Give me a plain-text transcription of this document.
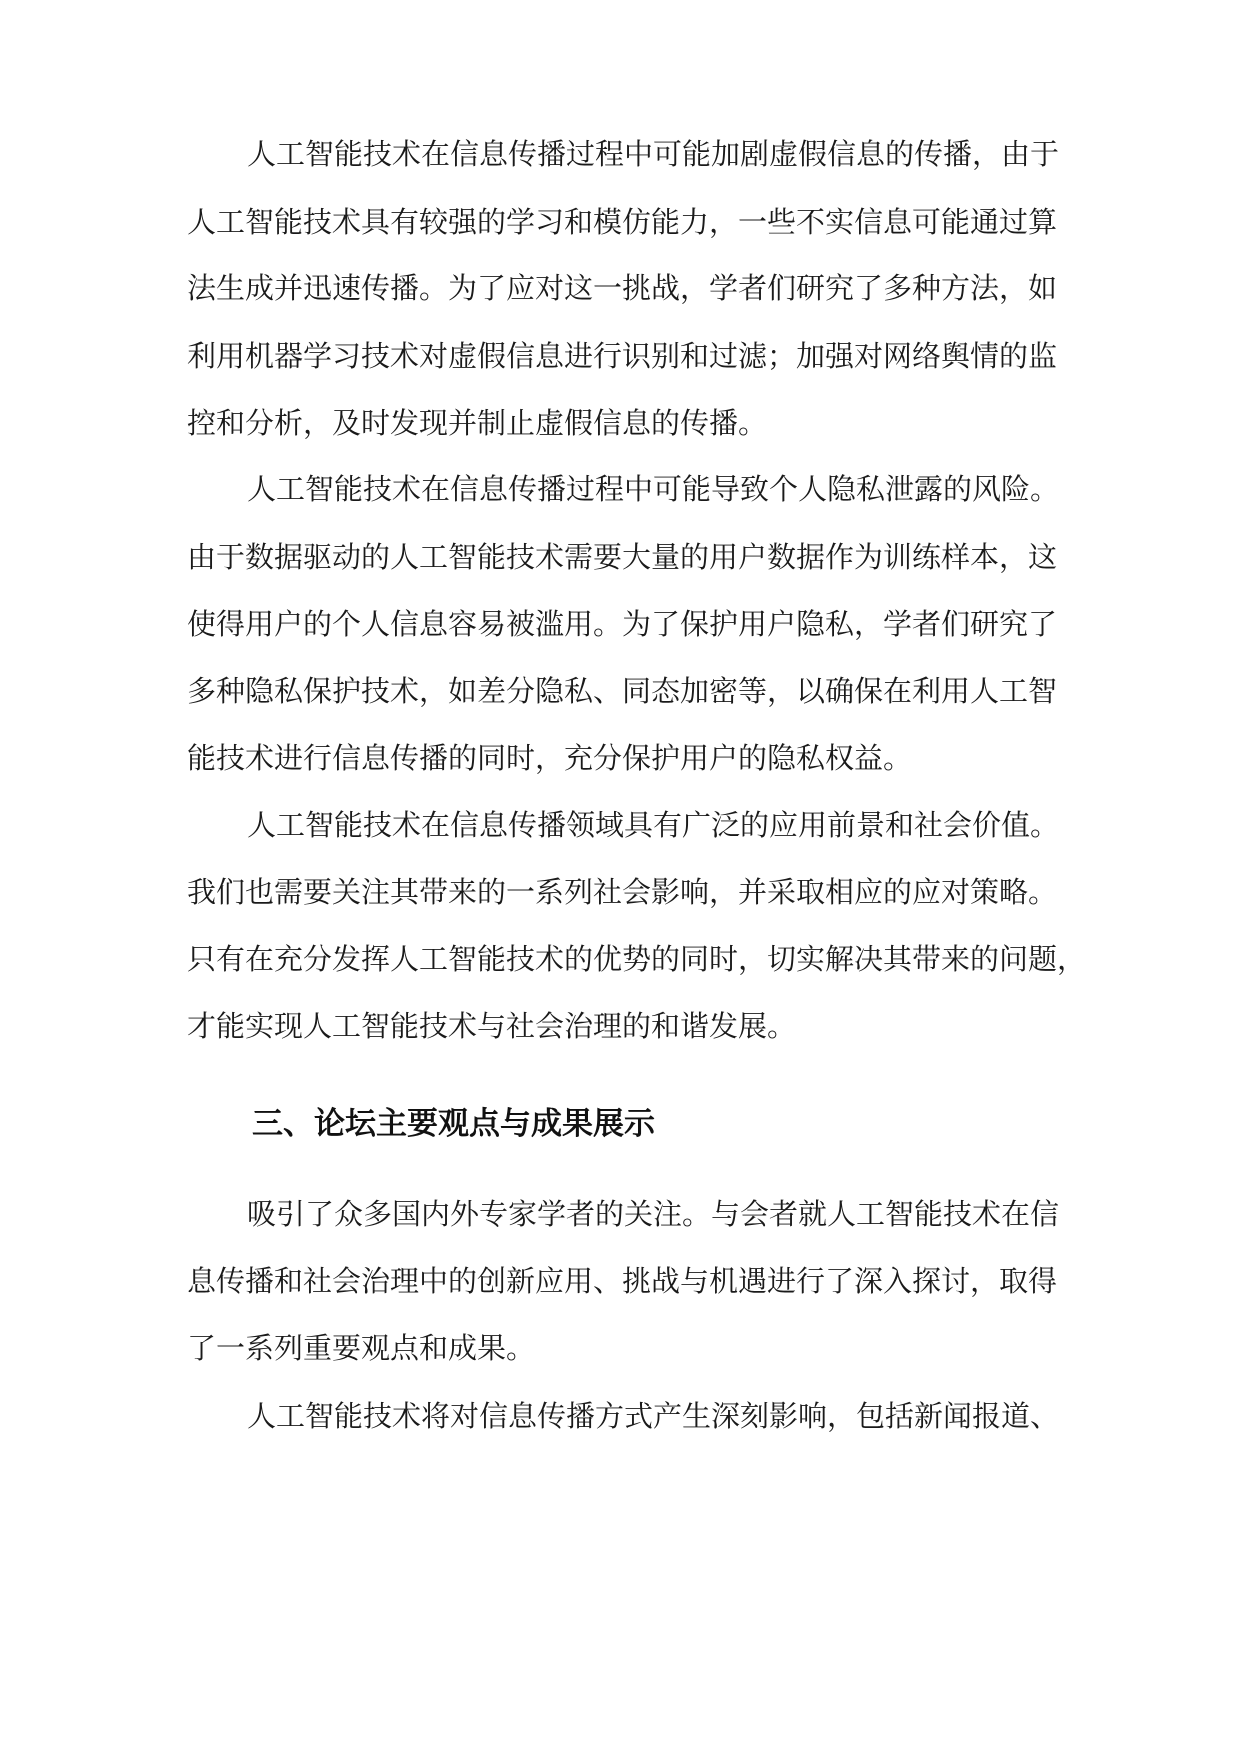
人工智能技术在信息传播过程中可能加剧虚假信息的传播，由于
人工智能技术具有较强的学习和模仿能力，一些不实信息可能通过算
法生成并迅速传播。为了应对这一挑战，学者们研究了多种方法，如
利用机器学习技术对虚假信息进行识别和过滤；加强对网络舆情的监
控和分析，及时发现并制止虚假信息的传播。
人工智能技术在信息传播过程中可能导致个人隐私泄露的风险。
由于数据驱动的人工智能技术需要大量的用户数据作为训练样本，这
使得用户的个人信息容易被滥用。为了保护用户隐私，学者们研究了
多种隐私保护技术，如差分隐私、同态加密等，以确保在利用人工智
能技术进行信息传播的同时，充分保护用户的隐私权益。
人工智能技术在信息传播领域具有广泛的应用前景和社会价值。
我们也需要关注其带来的一系列社会影响，并采取相应的应对策略。
只有在充分发挥人工智能技术的优势的同时，切实解决其带来的问题，
才能实现人工智能技术与社会治理的和谐发展。
三、论坛主要观点与成果展示
吸引了众多国内外专家学者的关注。与会者就人工智能技术在信
息传播和社会治理中的创新应用、挑战与机遇进行了深入探讨，取得
了一系列重要观点和成果。
人工智能技术将对信息传播方式产生深刻影响，包括新闻报道、
